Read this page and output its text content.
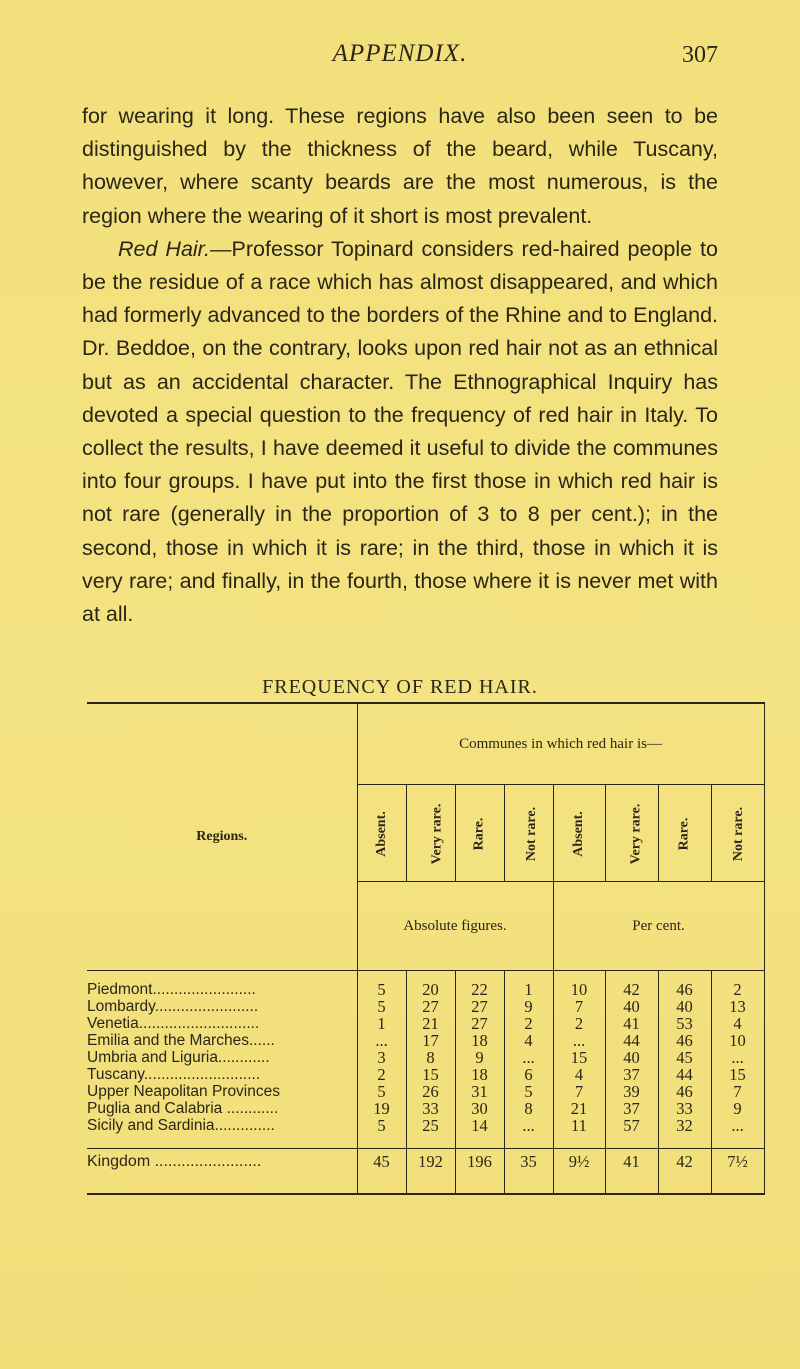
APPENDIX.	307

for wearing it long. These regions have also been seen to be distinguished by the thickness of the beard, while Tuscany, however, where scanty beards are the most numerous, is the region where the wearing of it short is most prevalent.

Red Hair.—Professor Topinard considers red-haired people to be the residue of a race which has almost disappeared, and which had formerly advanced to the borders of the Rhine and to England. Dr. Beddoe, on the contrary, looks upon red hair not as an ethnical but as an accidental character. The Ethnographical Inquiry has devoted a special question to the frequency of red hair in Italy. To collect the results, I have deemed it useful to divide the communes into four groups. I have put into the first those in which red hair is not rare (generally in the proportion of 3 to 8 per cent.); in the second, those in which it is rare; in the third, those in which it is very rare; and finally, in the fourth, those where it is never met with at all.

FREQUENCY OF RED HAIR.
Regions.	Communes in which red hair is—							
	Absent.	Very rare.	Rare.	Not rare.	Absent.	Very rare.	Rare.	Not rare.
	Absolute figures.				Per cent.			
Piedmont........................	5	20	22	1	10	42	46	2
Lombardy........................	5	27	27	9	7	40	40	13
Venetia............................	1	21	27	2	2	41	53	4
Emilia and the Marches......	...	17	18	4	...	44	46	10
Umbria and Liguria............	3	8	9	...	15	40	45	...
Tuscany...........................	2	15	18	6	4	37	44	15
Upper Neapolitan Provinces	5	26	31	5	7	39	46	7
Puglia and Calabria ............	19	33	30	8	21	37	33	9
Sicily and Sardinia..............	5	25	14	...	11	57	32	...
Kingdom ........................	45	192	196	35	9½	41	42	7½
